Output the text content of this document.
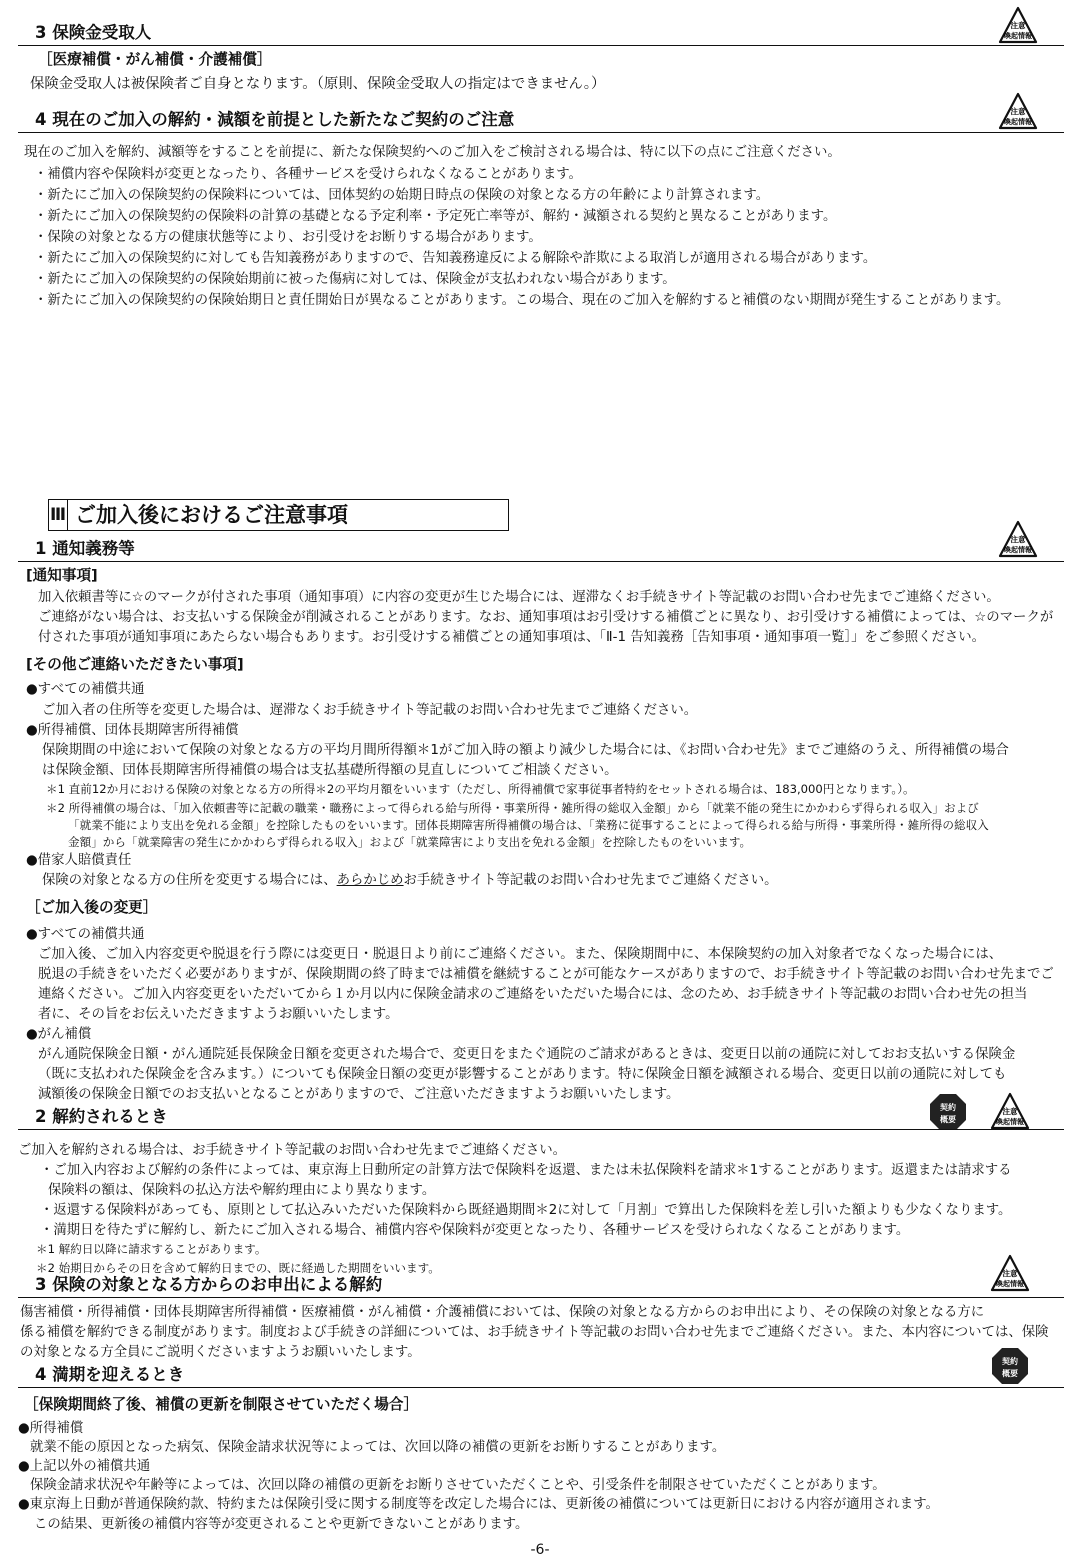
3 保険金受取人	注意
喚起情報
［医療補償・がん補償・介護補償］
保険金受取人は被保険者ご自身となります。（原則、保険金受取人の指定はできません。）
4 現在のご加入の解約・減額を前提とした新たなご契約のご注意	注意
喚起情報
現在のご加入を解約、減額等をすることを前提に、新たな保険契約へのご加入をご検討される場合は、特に以下の点にご注意ください。
・補償内容や保険料が変更となったり、各種サービスを受けられなくなることがあります。
・新たにご加入の保険契約の保険料については、団体契約の始期日時点の保険の対象となる方の年齢により計算されます。
・新たにご加入の保険契約の保険料の計算の基礎となる予定利率・予定死亡率等が、解約・減額される契約と異なることがあります。
・保険の対象となる方の健康状態等により、お引受けをお断りする場合があります。
・新たにご加入の保険契約に対しても告知義務がありますので、告知義務違反による解除や詐欺による取消しが適用される場合があります。
・新たにご加入の保険契約の保険始期前に被った傷病に対しては、保険金が支払われない場合があります。
・新たにご加入の保険契約の保険始期日と責任開始日が異なることがあります。この場合、現在のご加入を解約すると補償のない期間が発生することがあります。
Ⅲ ご加入後におけるご注意事項
注意
喚起情報
1 通知義務等
[通知事項]
加入依頼書等に☆のマークが付された事項（通知事項）に内容の変更が生じた場合には、遅滞なくお手続きサイト等記載のお問い合わせ先までご連絡ください。
ご連絡がない場合は、お支払いする保険金が削減されることがあります。なお、通知事項はお引受けする補償ごとに異なり、お引受けする補償によっては、☆のマークが
付された事項が通知事項にあたらない場合もあります。お引受けする補償ごとの通知事項は、「Ⅱ-1 告知義務［告知事項・通知事項一覧］」をご参照ください。
[その他ご連絡いただきたい事項]
●すべての補償共通
ご加入者の住所等を変更した場合は、遅滞なくお手続きサイト等記載のお問い合わせ先までご連絡ください。
●所得補償、団体長期障害所得補償
保険期間の中途において保険の対象となる方の平均月間所得額＊1がご加入時の額より減少した場合には、《お問い合わせ先》までご連絡のうえ、所得補償の場合
は保険金額、団体長期障害所得補償の場合は支払基礎所得額の見直しについてご相談ください。
＊1 直前12か月における保険の対象となる方の所得＊2の平均月額をいいます（ただし、所得補償で家事従事者特約をセットされる場合は、183,000円となります。）。
＊2 所得補償の場合は、「加入依頼書等に記載の職業・職務によって得られる給与所得・事業所得・雑所得の総収入金額」から「就業不能の発生にかかわらず得られる収入」および
「就業不能により支出を免れる金額」を控除したものをいいます。団体長期障害所得補償の場合は、「業務に従事することによって得られる給与所得・事業所得・雑所得の総収入
金額」から「就業障害の発生にかかわらず得られる収入」および「就業障害により支出を免れる金額」を控除したものをいいます。
●借家人賠償責任
保険の対象となる方の住所を変更する場合には、あらかじめお手続きサイト等記載のお問い合わせ先までご連絡ください。
［ご加入後の変更］
●すべての補償共通
ご加入後、ご加入内容変更や脱退を行う際には変更日・脱退日より前にご連絡ください。また、保険期間中に、本保険契約の加入対象者でなくなった場合には、
脱退の手続きをいただく必要がありますが、保険期間の終了時までは補償を継続することが可能なケースがありますので、お手続きサイト等記載のお問い合わせ先までご
連絡ください。ご加入内容変更をいただいてから１か月以内に保険金請求のご連絡をいただいた場合には、念のため、お手続きサイト等記載のお問い合わせ先の担当
者に、その旨をお伝えいただきますようお願いいたします。
●がん補償
がん通院保険金日額・がん通院延長保険金日額を変更された場合で、変更日をまたぐ通院のご請求があるときは、変更日以前の通院に対しておお支払いする保険金
（既に支払われた保険金を含みます。）についても保険金日額の変更が影響することがあります。特に保険金日額を減額される場合、変更日以前の通院に対しても
減額後の保険金日額でのお支払いとなることがありますので、ご注意いただきますようお願いいたします。
契約
概要
注意
喚起情報
2 解約されるとき
ご加入を解約される場合は、お手続きサイト等記載のお問い合わせ先までご連絡ください。
・ご加入内容および解約の条件によっては、東京海上日動所定の計算方法で保険料を返還、または未払保険料を請求＊1することがあります。返還または請求する
保険料の額は、保険料の払込方法や解約理由により異なります。
・返還する保険料があっても、原則として払込みいただいた保険料から既経過期間＊2に対して「月割」で算出した保険料を差し引いた額よりも少なくなります。
・満期日を待たずに解約し、新たにご加入される場合、補償内容や保険料が変更となったり、各種サービスを受けられなくなることがあります。
＊1 解約日以降に請求することがあります。
＊2 始期日からその日を含めて解約日までの、既に経過した期間をいいます。	注意
喚起情報
3 保険の対象となる方からのお申出による解約
傷害補償・所得補償・団体長期障害所得補償・医療補償・がん補償・介護補償においては、保険の対象となる方からのお申出により、その保険の対象となる方に
係る補償を解約できる制度があります。制度および手続きの詳細については、お手続きサイト等記載のお問い合わせ先までご連絡ください。また、本内容については、保険
の対象となる方全員にご説明くださいますようお願いいたします。
契約
概要
4 満期を迎えるとき
［保険期間終了後、補償の更新を制限させていただく場合］
●所得補償
就業不能の原因となった病気、保険金請求状況等によっては、次回以降の補償の更新をお断りすることがあります。
●上記以外の補償共通
保険金請求状況や年齢等によっては、次回以降の補償の更新をお断りさせていただくことや、引受条件を制限させていただくことがあります。
●東京海上日動が普通保険約款、特約または保険引受に関する制度等を改定した場合には、更新後の補償については更新日における内容が適用されます。
この結果、更新後の補償内容等が変更されることや更新できないことがあります。
-6-
